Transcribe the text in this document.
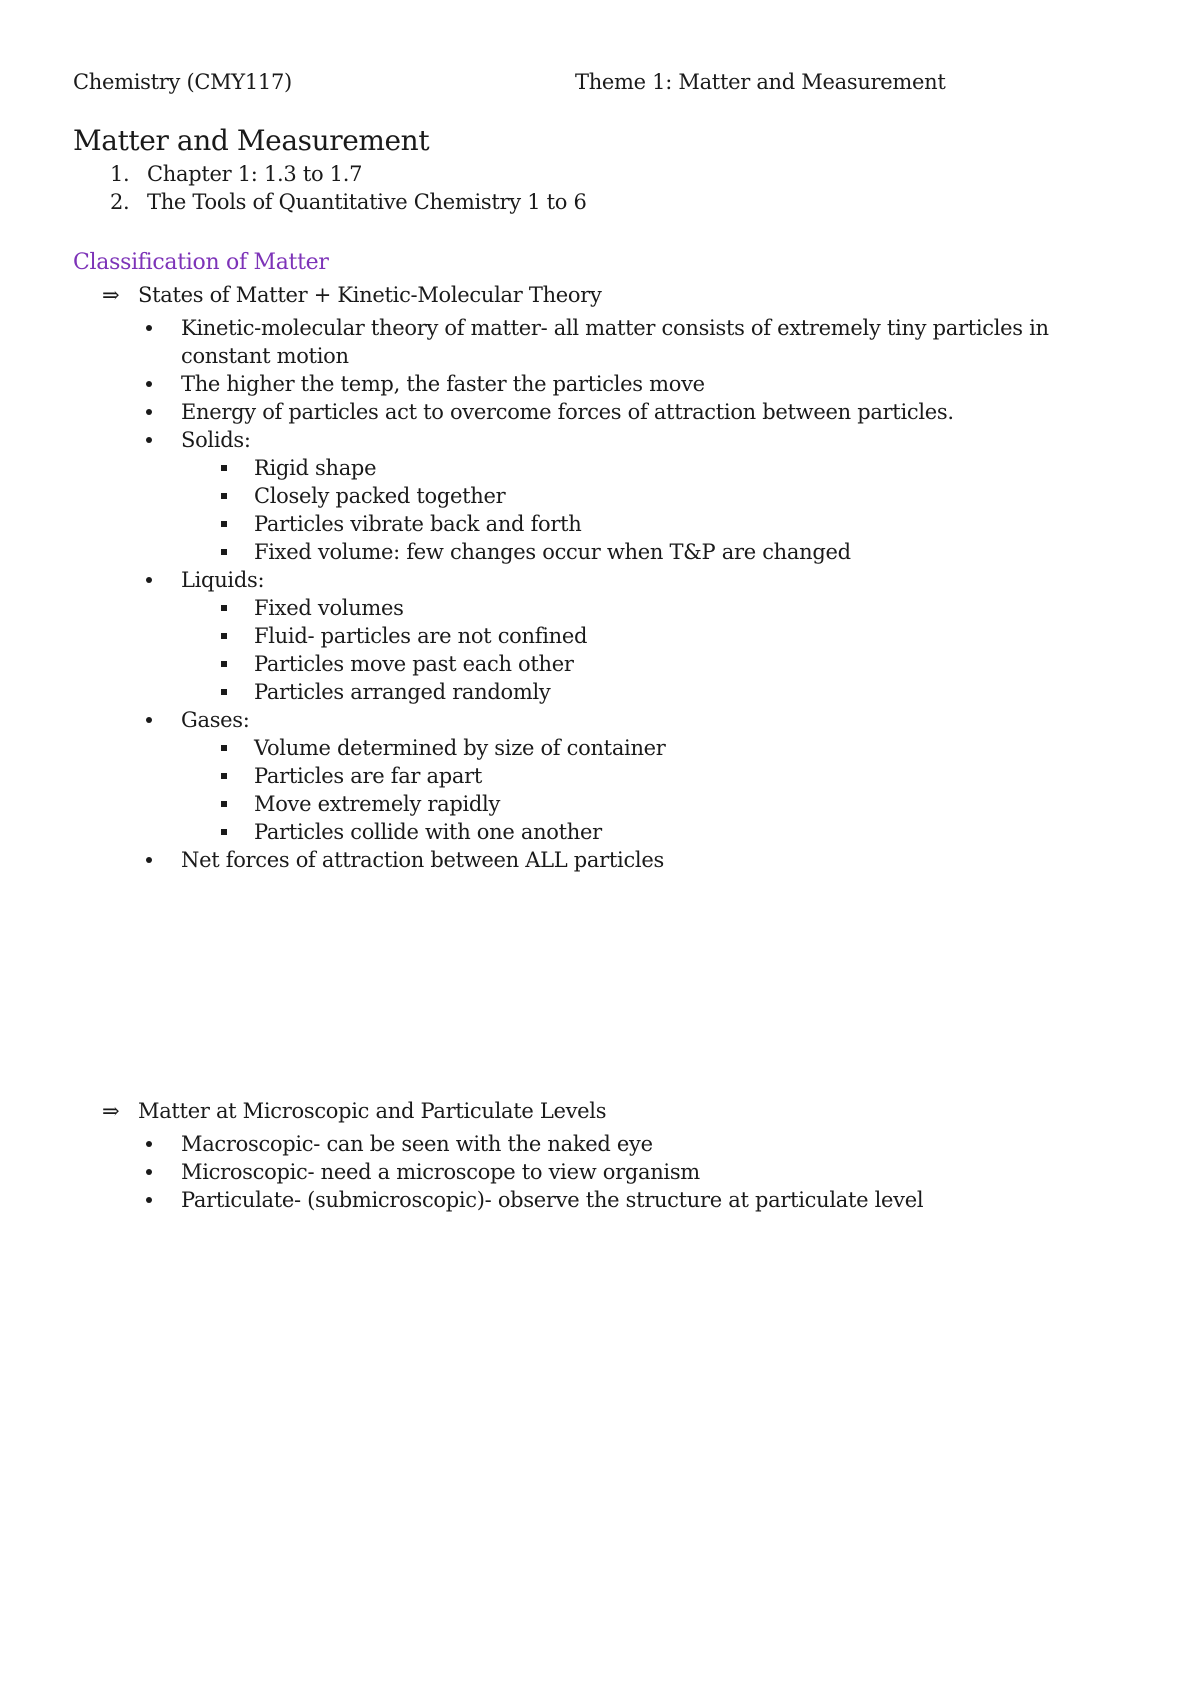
Chemistry (CMY117)	Theme 1: Matter and Measurement
Matter and Measurement
1. Chapter 1: 1.3 to 1.7
2. The Tools of Quantitative Chemistry 1 to 6
Classification of Matter
⇒ States of Matter + Kinetic-Molecular Theory
Kinetic-molecular theory of matter- all matter consists of extremely tiny particles in constant motion
The higher the temp, the faster the particles move
Energy of particles act to overcome forces of attraction between particles.
Solids:
Rigid shape
Closely packed together
Particles vibrate back and forth
Fixed volume: few changes occur when T&P are changed
Liquids:
Fixed volumes
Fluid- particles are not confined
Particles move past each other
Particles arranged randomly
Gases:
Volume determined by size of container
Particles are far apart
Move extremely rapidly
Particles collide with one another
Net forces of attraction between ALL particles
⇒ Matter at Microscopic and Particulate Levels
Macroscopic- can be seen with the naked eye
Microscopic- need a microscope to view organism
Particulate- (submicroscopic)- observe the structure at particulate level
